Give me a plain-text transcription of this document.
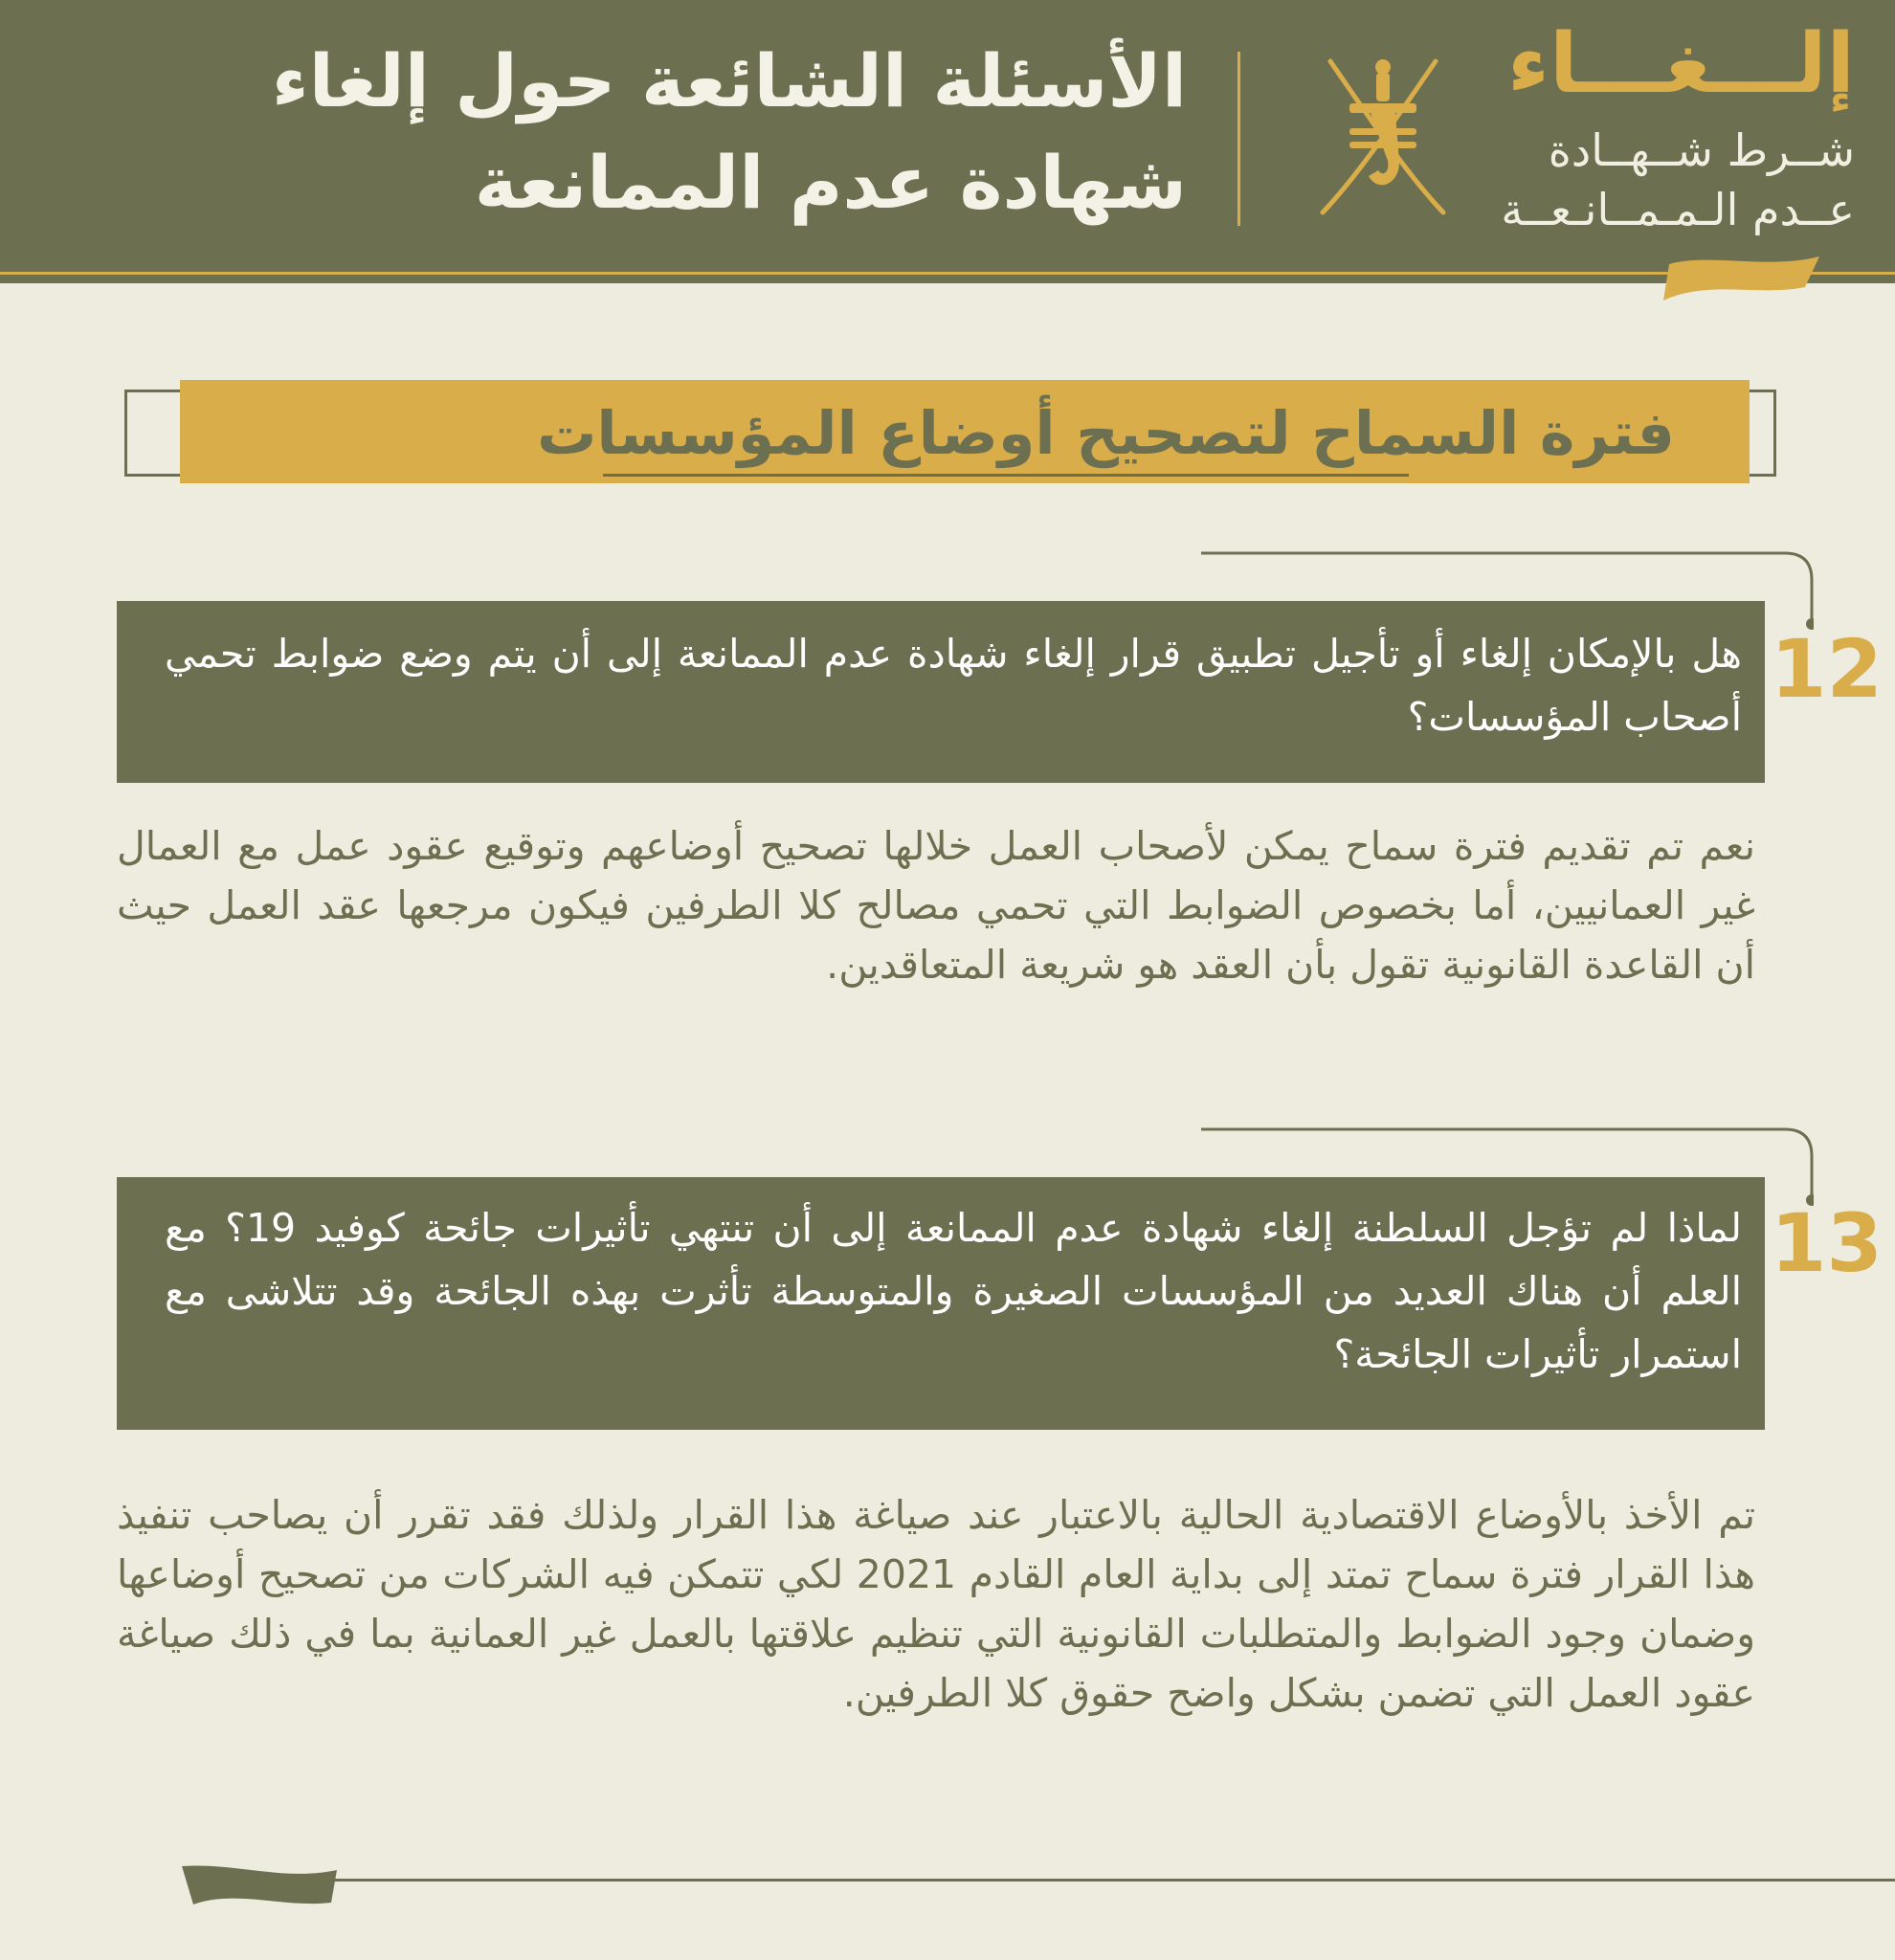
إلـــغـــاء
شــرط شــهــادة
عــدم الـمـمــانـعــة
الأسئلة الشائعة حول إلغاء
شهادة عدم الممانعة
فترة السماح لتصحيح أوضاع المؤسسات

هل بالإمكان إلغاء أو تأجيل تطبيق قرار إلغاء شهادة عدم الممانعة إلى أن يتم وضع ضوابط تحمي أصحاب المؤسسات؟

12

نعم تم تقديم فترة سماح يمكن لأصحاب العمل خلالها تصحيح أوضاعهم وتوقيع عقود عمل مع العمال غير العمانيين، أما بخصوص الضوابط التي تحمي مصالح كلا الطرفين فيكون مرجعها عقد العمل حيث أن القاعدة القانونية تقول بأن العقد هو شريعة المتعاقدين.

لماذا لم تؤجل السلطنة إلغاء شهادة عدم الممانعة إلى أن تنتهي تأثيرات جائحة كوفيد 19؟ مع العلم أن هناك العديد من المؤسسات الصغيرة والمتوسطة تأثرت بهذه الجائحة وقد تتلاشى مع استمرار تأثيرات الجائحة؟

13

تم الأخذ بالأوضاع الاقتصادية الحالية بالاعتبار عند صياغة هذا القرار ولذلك فقد تقرر أن يصاحب تنفيذ هذا القرار فترة سماح تمتد إلى بداية العام القادم 2021 لكي تتمكن فيه الشركات من تصحيح أوضاعها وضمان وجود الضوابط والمتطلبات القانونية التي تنظيم علاقتها بالعمل غير العمانية بما في ذلك صياغة عقود العمل التي تضمن بشكل واضح حقوق كلا الطرفين.
